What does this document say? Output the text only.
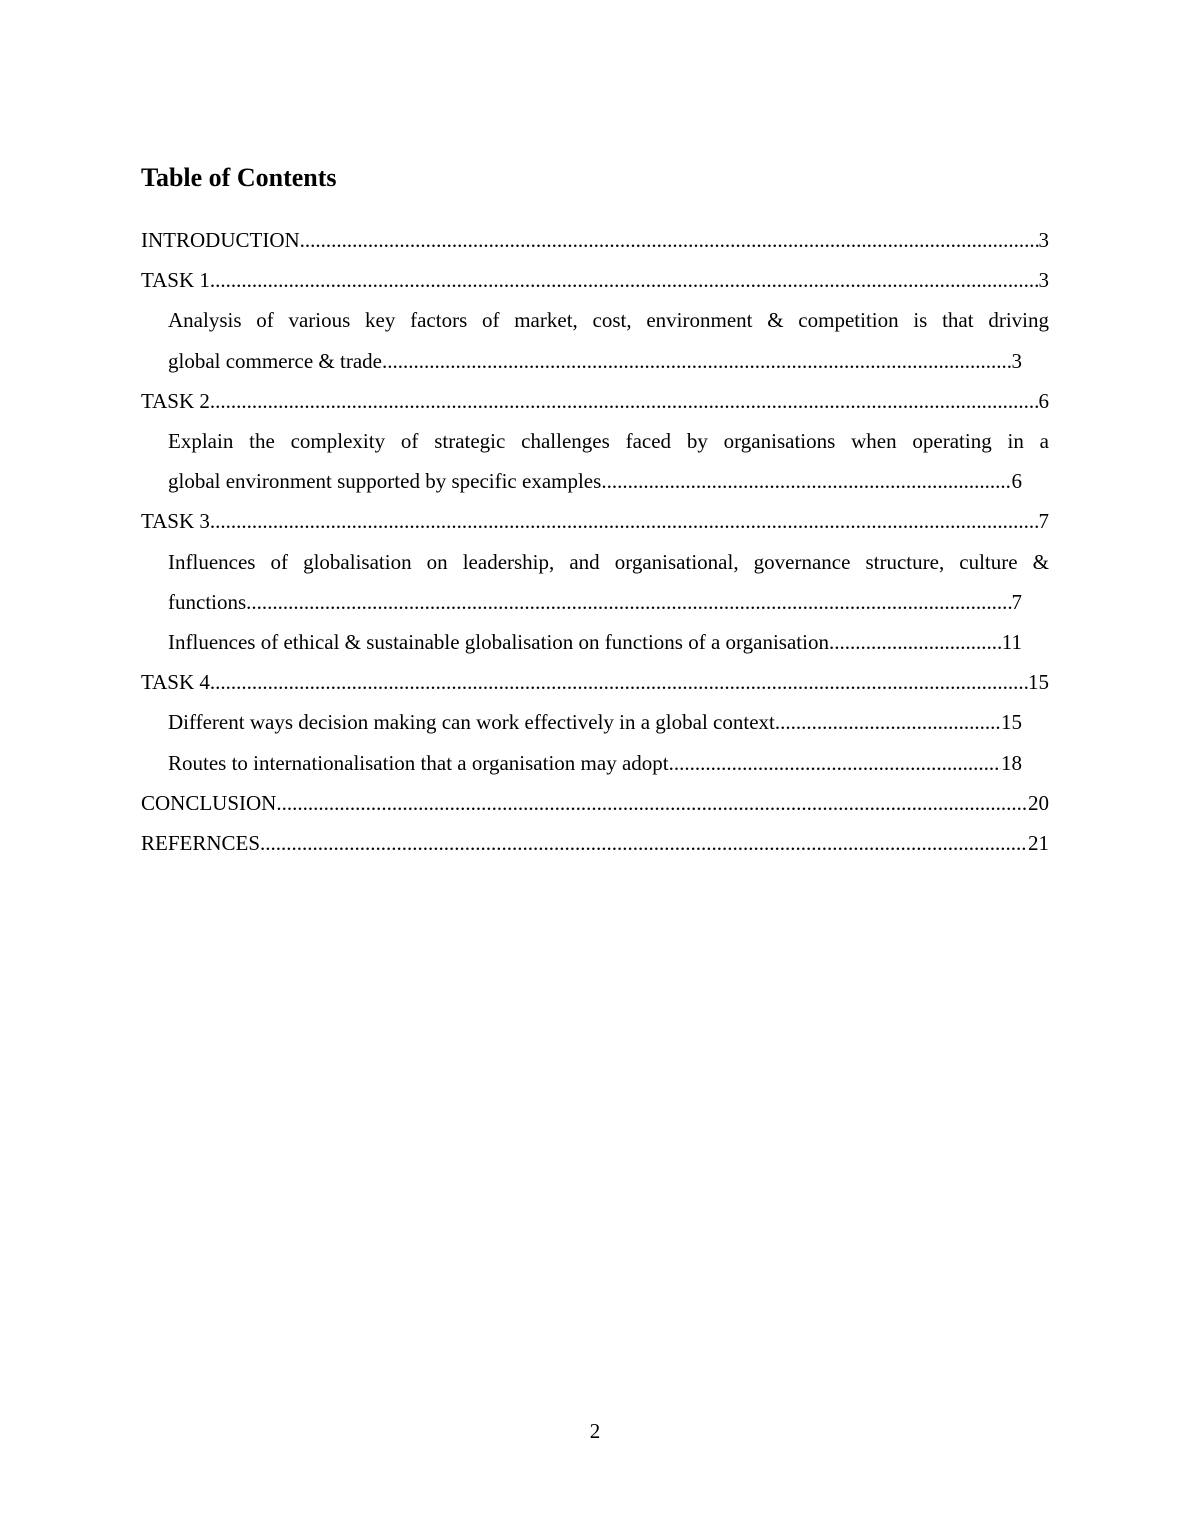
Table of Contents
INTRODUCTION .....	3
TASK 1 .....	3
Analysis of various key factors of market, cost, environment & competition is that driving
global commerce & trade .....	3
TASK 2 .....	6
Explain the complexity of strategic challenges faced by organisations when operating in a
global environment supported by specific examples .....	6
TASK 3 .....	7
Influences of globalisation on leadership, and organisational, governance structure, culture &
functions .....	7
Influences of ethical & sustainable globalisation on functions of a organisation .....	11
TASK 4 .....	15
Different ways decision making can work effectively in a global context .....	15
Routes to internationalisation that a organisation may adopt .....	18
CONCLUSION .....	20
REFERNCES .....	21
2
